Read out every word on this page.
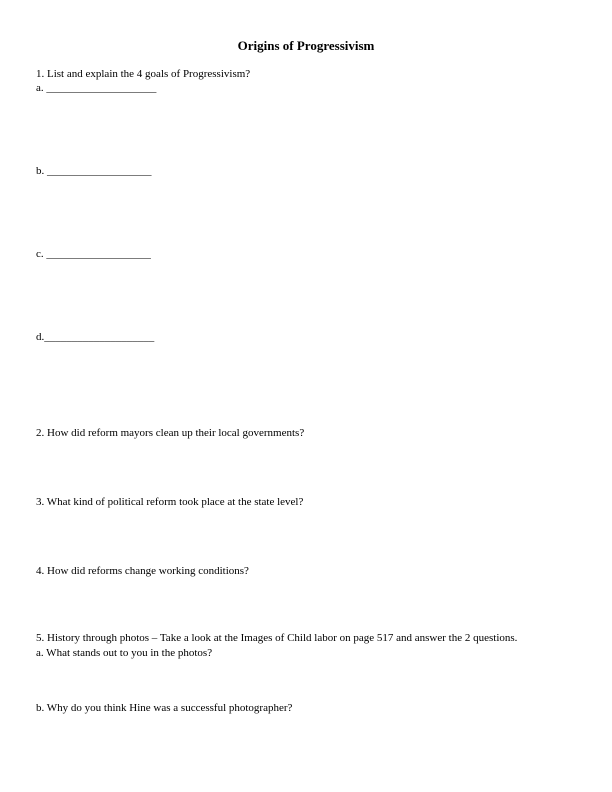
Origins of Progressivism
1. List and explain the 4 goals of Progressivism?
a. ____________________
b. ___________________
c. ___________________
d.____________________
2. How did reform mayors clean up their local governments?
3. What kind of political reform took place at the state level?
4. How did reforms change working conditions?
5. History through photos – Take a look at the Images of Child labor on page 517 and answer the 2 questions.
a. What stands out to you in the photos?
b. Why do you think Hine was a successful photographer?
